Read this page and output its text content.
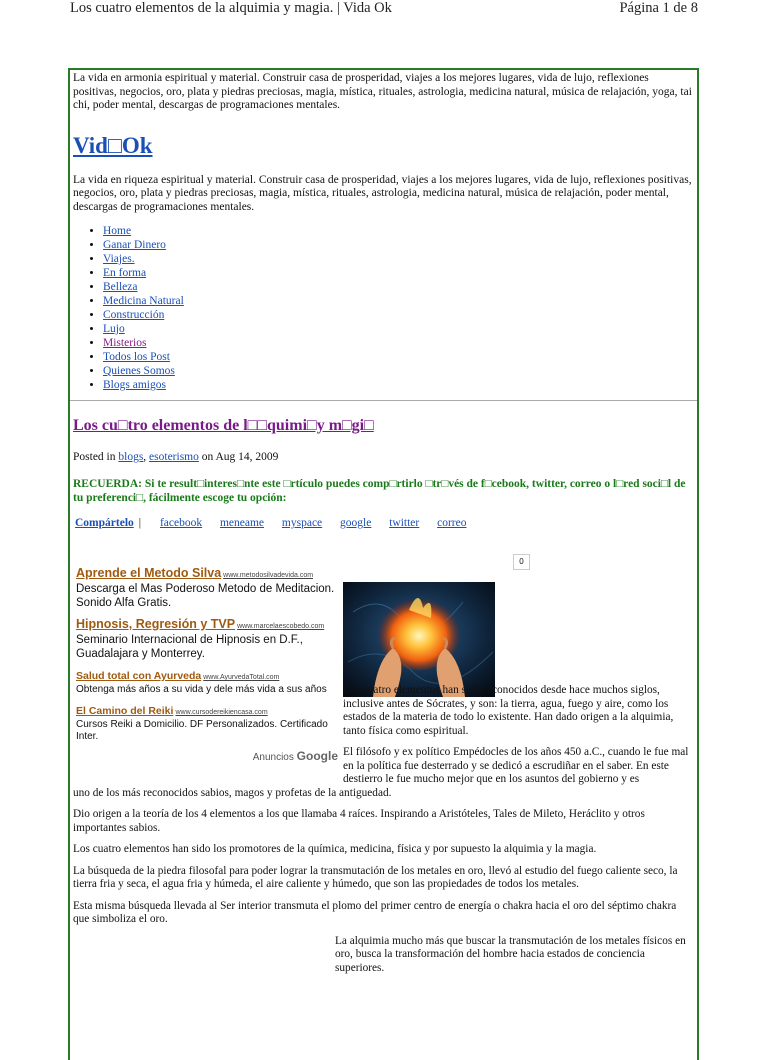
Los cuatro elementos de la alquimia y magia. | Vida Ok	Página 1 de 8

La vida en armonia espiritual y material. Construir casa de prosperidad, viajes a los mejores lugares, vida de lujo, reflexiones positivas, negocios, oro, plata y piedras preciosas, magia, mística, rituales, astrologia, medicina natural, música de relajación, yoga, tai chi, poder mental, descargas de programaciones mentales.

Vid□Ok
La vida en riqueza espiritual y material. Construir casa de prosperidad, viajes a los mejores lugares, vida de lujo, reflexiones positivas, negocios, oro, plata y piedras preciosas, magia, mística, rituales, astrologia, medicina natural, música de relajación, poder mental, descargas de programaciones mentales.
• Home
• Ganar Dinero
• Viajes.
• En forma
• Belleza
• Medicina Natural
• Construcción
• Lujo
• Misterios
• Todos los Post
• Quienes Somos
• Blogs amigos
Los cu□tro elementos de l□□quimi□y m□gi□
Posted in blogs, esoterismo on Aug 14, 2009
RECUERDA: Si te result□interes□nte este □rtículo puedes comp□rtirlo □tr□vés de f□cebook, twitter, correo o l□red soci□l de tu preferenci□, fácilmente escoge tu opción:
Compártelo | facebook meneame myspace google twitter correo
Aprende el Metodo Silva www.metodosilvadevida.com
Descarga el Mas Poderoso Metodo de Meditacion. Sonido Alfa Gratis.
Hipnosis, Regresión y TVP www.marcelaescobedo.com
Seminario Internacional de Hipnosis en D.F., Guadalajara y Monterrey.
Salud total con Ayurveda www.AyurvedaTotal.com
Obtenga más años a su vida y dele más vida a sus años
El Camino del Reiki www.cursodereikiencasa.com
Cursos Reiki a Domicilio. DF Personalizados. Certificado Inter.
Anuncios Google
0

Los cuatro elementos han sido reconocidos desde hace muchos siglos, inclusive antes de Sócrates, y son: la tierra, agua, fuego y aire, como los estados de la materia de todo lo existente. Han dado origen a la alquimia, tanto física como espiritual.

El filósofo y ex político Empédocles de los años 450 a.C., cuando le fue mal en la política fue desterrado y se dedicó a escrudiñar en el saber. En este destierro le fue mucho mejor que en los asuntos del gobierno y es

uno de los más reconocidos sabios, magos y profetas de la antiguedad.

Dio origen a la teoría de los 4 elementos a los que llamaba 4 raíces. Inspirando a Aristóteles, Tales de Mileto, Heráclito y otros importantes sabios.

Los cuatro elementos han sido los promotores de la química, medicina, física y por supuesto la alquimia y la magia.

La búsqueda de la piedra filosofal para poder lograr la transmutación de los metales en oro, llevó al estudio del fuego caliente seco, la tierra fria y seca, el agua fria y húmeda, el aire caliente y húmedo, que son las propiedades de todos los metales.

Esta misma búsqueda llevada al Ser interior transmuta el plomo del primer centro de energía o chakra hacia el oro del séptimo chakra que simboliza el oro.

La alquimia mucho más que buscar la transmutación de los metales físicos en oro, busca la transformación del hombre hacia estados de conciencia superiores.
